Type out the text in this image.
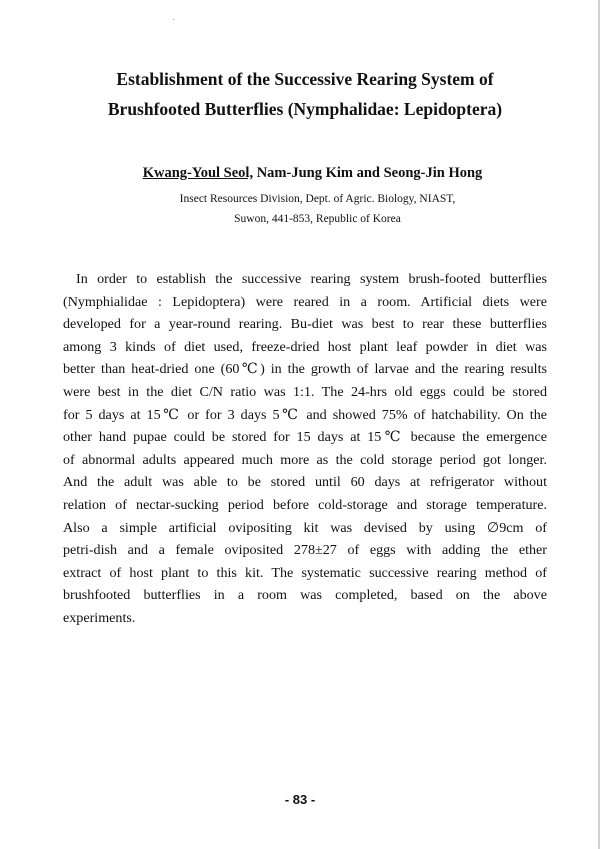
Establishment of the Successive Rearing System of
Brushfooted Butterflies (Nymphalidae: Lepidoptera)
Kwang-Youl Seol, Nam-Jung Kim and Seong-Jin Hong
Insect Resources Division, Dept. of Agric. Biology, NIAST,
Suwon, 441-853, Republic of Korea
In order to establish the successive rearing system brush-footed butterflies
(Nymphialidae : Lepidoptera) were reared in a room. Artificial diets were
developed for a year-round rearing. Bu-diet was best to rear these butterflies
among 3 kinds of diet used, freeze-dried host plant leaf powder in diet was
better than heat-dried one (60℃) in the growth of larvae and the rearing results
were best in the diet C/N ratio was 1:1. The 24-hrs old eggs could be stored
for 5 days at 15℃ or for 3 days 5℃ and showed 75% of hatchability. On the
other hand pupae could be stored for 15 days at 15℃ because the emergence
of abnormal adults appeared much more as the cold storage period got longer.
And the adult was able to be stored until 60 days at refrigerator without
relation of nectar-sucking period before cold-storage and storage temperature.
Also a simple artificial ovipositing kit was devised by using ∅9cm of
petri-dish and a female oviposited 278±27 of eggs with adding the ether
extract of host plant to this kit. The systematic successive rearing method of
brushfooted butterflies in a room was completed, based on the above
experiments.
- 83 -
